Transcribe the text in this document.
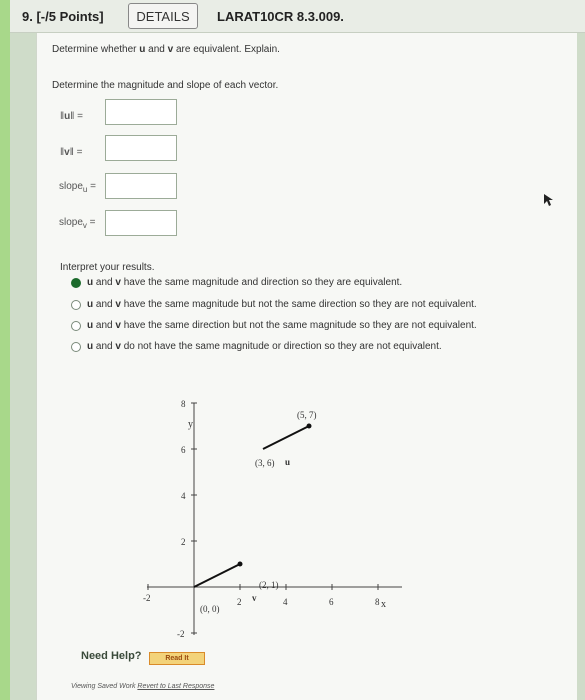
9. [-/5 Points]	DETAILS	LARAT10CR 8.3.009.
Determine whether u and v are equivalent. Explain.
Determine the magnitude and slope of each vector.
‖u‖ =
‖v‖ =
slope$_u$ =
slope$_v$ =
Interpret your results.
u and v have the same magnitude and direction so they are equivalent.
u and v have the same magnitude but not the same direction so they are not equivalent.
u and v have the same direction but not the same magnitude so they are not equivalent.
u and v do not have the same magnitude or direction so they are not equivalent.
y
x
8
6
4
2
-2
-2	2	4	6	8
(0, 0)
(2, 1)
v
(3, 6)
(5, 7)
u
Need Help?	Read It
Viewing Saved Work Revert to Last Response
